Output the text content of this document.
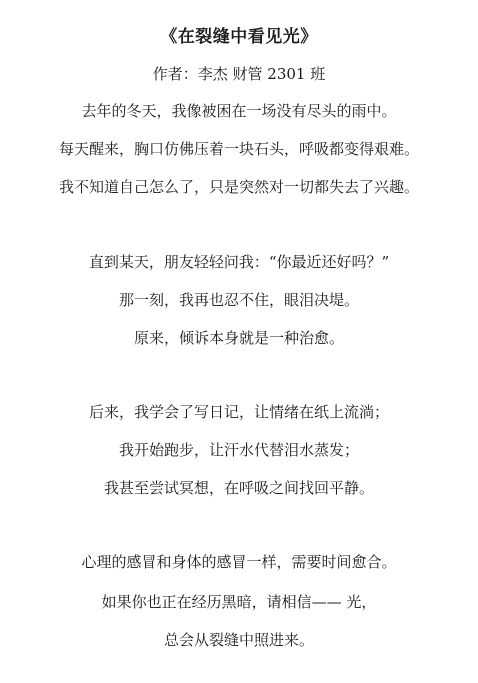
《在裂缝中看见光》
作者：李杰 财管 2301 班
去年的冬天，我像被困在一场没有尽头的雨中。
每天醒来，胸口仿佛压着一块石头，呼吸都变得艰难。
我不知道自己怎么了，只是突然对一切都失去了兴趣。
直到某天，朋友轻轻问我：“你最近还好吗？”
那一刻，我再也忍不住，眼泪决堤。
原来，倾诉本身就是一种治愈。
后来，我学会了写日记，让情绪在纸上流淌；
我开始跑步，让汗水代替泪水蒸发；
我甚至尝试冥想，在呼吸之间找回平静。
心理的感冒和身体的感冒一样，需要时间愈合。
如果你也正在经历黑暗，请相信—— 光，
总会从裂缝中照进来。
